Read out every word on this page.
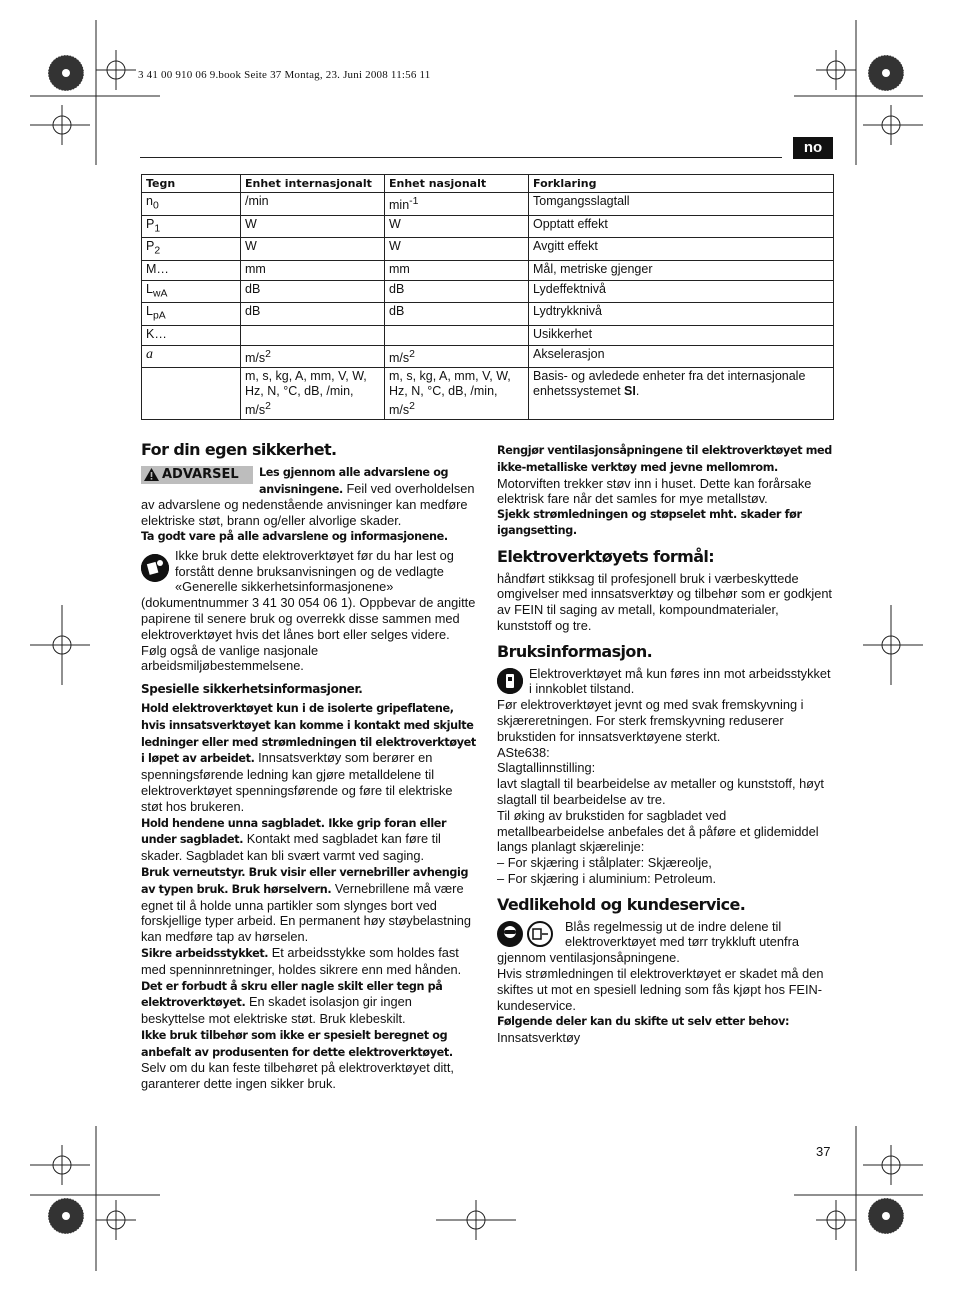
3 41 00 910 06 9.book Seite 37 Montag, 23. Juni 2008 11:56 11
no
Tegn	Enhet internasjonalt	Enhet nasjonalt	Forklaring
$n_0$	/min	$\min^{-1}$	Tomgangsslagtall
$P_1$	W	W	Opptatt effekt
$P_2$	W	W	Avgitt effekt
M…	mm	mm	Mål, metriske gjenger
$L_{wA}$	dB	dB	Lydeffektnivå
$L_{pA}$	dB	dB	Lydtrykknivå
K…			Usikkerhet
a	$m/s^2$	$m/s^2$	Akselerasjon
	m, s, kg, A, mm, V, W, Hz, N, °C, dB, /min, $m/s^2$	m, s, kg, A, mm, V, W, Hz, N, °C, dB, /min, $m/s^2$	Basis- og avledede enheter fra det internasjonale enhetssystemet SI.
For din egen sikkerhet.
ADVARSEL	Les gjennom alle advarslene og anvisningene. Feil ved overholdelsen av advarslene og nedenstående anvisninger kan medføre elektriske støt, brann og/eller alvorlige skader.

Ta godt vare på alle advarslene og informasjonene.

Ikke bruk dette elektroverktøyet før du har lest og forstått denne bruksanvisningen og de vedlagte «Generelle sikkerhetsinformasjonene» (dokumentnummer 3 41 30 054 06 1). Oppbevar de angitte papirene til senere bruk og overrekk disse sammen med elektroverktøyet hvis det lånes bort eller selges videre.

Følg også de vanlige nasjonale arbeidsmiljøbestemmelsene.

Spesielle sikkerhetsinformasjoner.

Hold elektroverktøyet kun i de isolerte gripeflatene, hvis innsatsverktøyet kan komme i kontakt med skjulte ledninger eller med strømledningen til elektroverktøyet i løpet av arbeidet. Innsatsverktøy som berører en spenningsførende ledning kan gjøre metalldelene til elektroverktøyet spenningsførende og føre til elektriske støt hos brukeren.

Hold hendene unna sagbladet. Ikke grip foran eller under sagbladet. Kontakt med sagbladet kan føre til skader. Sagbladet kan bli svært varmt ved saging.

Bruk verneutstyr. Bruk visir eller vernebriller avhengig av typen bruk. Bruk hørselvern. Vernebrillene må være egnet til å holde unna partikler som slynges bort ved forskjellige typer arbeid. En permanent høy støybelastning kan medføre tap av hørselen.

Sikre arbeidsstykket. Et arbeidsstykke som holdes fast med spenninnretninger, holdes sikrere enn med hånden.

Det er forbudt å skru eller nagle skilt eller tegn på elektroverktøyet. En skadet isolasjon gir ingen beskyttelse mot elektriske støt. Bruk klebeskilt.

Ikke bruk tilbehør som ikke er spesielt beregnet og anbefalt av produsenten for dette elektroverktøyet. Selv om du kan feste tilbehøret på elektroverktøyet ditt, garanterer dette ingen sikker bruk.

Rengjør ventilasjonsåpningene til elektroverktøyet med ikke-metalliske verktøy med jevne mellomrom. Motorviften trekker støv inn i huset. Dette kan forårsake elektrisk fare når det samles for mye metallstøv.

Sjekk strømledningen og støpselet mht. skader før igangsetting.

Elektroverktøyets formål:

håndført stikksag til profesjonell bruk i værbeskyttede omgivelser med innsatsverktøy og tilbehør som er godkjent av FEIN til saging av metall, kompoundmaterialer, kunststoff og tre.

Bruksinformasjon.

Elektroverktøyet må kun føres inn mot arbeidsstykket i innkoblet tilstand.

Før elektroverktøyet jevnt og med svak fremskyvning i skjæreretningen. For sterk fremskyvning reduserer brukstiden for innsatsverktøyene sterkt.

ASte638:

Slagtallinnstilling:

lavt slagtall til bearbeidelse av metaller og kunststoff, høyt slagtall til bearbeidelse av tre.

Til øking av brukstiden for sagbladet ved metallbearbeidelse anbefales det å påføre et glidemiddel langs planlagt skjærelinje:

– For skjæring i stålplater: Skjæreolje,
– For skjæring i aluminium: Petroleum.
Vedlikehold og kundeservice.

Blås regelmessig ut de indre delene til elektroverktøyet med tørr trykkluft utenfra gjennom ventilasjonsåpningene.

Hvis strømledningen til elektroverktøyet er skadet må den skiftes ut mot en spesiell ledning som fås kjøpt hos FEIN-kundeservice.

Følgende deler kan du skifte ut selv etter behov: Innsatsverktøy

37
